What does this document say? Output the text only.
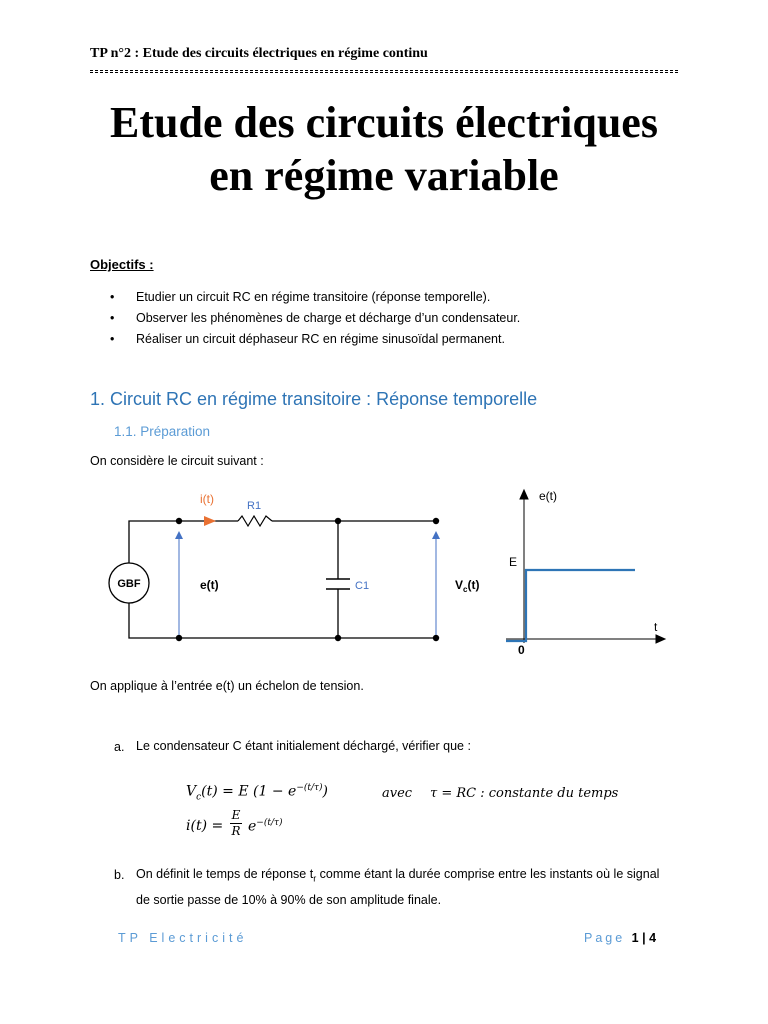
TP n°2 : Etude des circuits électriques en régime continu
Etude des circuits électriques
en régime variable
Objectifs :
• Etudier un circuit RC en régime transitoire (réponse temporelle).
• Observer les phénomènes de charge et décharge d’un condensateur.
• Réaliser un circuit déphaseur RC en régime sinusoïdal permanent.
1. Circuit RC en régime transitoire : Réponse temporelle
1.1. Préparation
On considère le circuit suivant :
GBF
R1
i(t)
C1
e(t)	$V_c(t)$
e(t)
t
E
0
On applique à l’entrée e(t) un échelon de tension.
a. Le condensateur C étant initialement déchargé, vérifier que :
$V_c(t) = E$ $(1 - e^{-(t/\tau)})$	avec τ = RC : constante du temps
$i(t) = \frac{E}{R} e^{-(t/\tau)}$
b. On définit le temps de réponse $t_r$ comme étant la durée comprise entre les instants où le signal de sortie passe de 10% à 90% de son amplitude finale.
TP Electricité	Page 1 | 4
